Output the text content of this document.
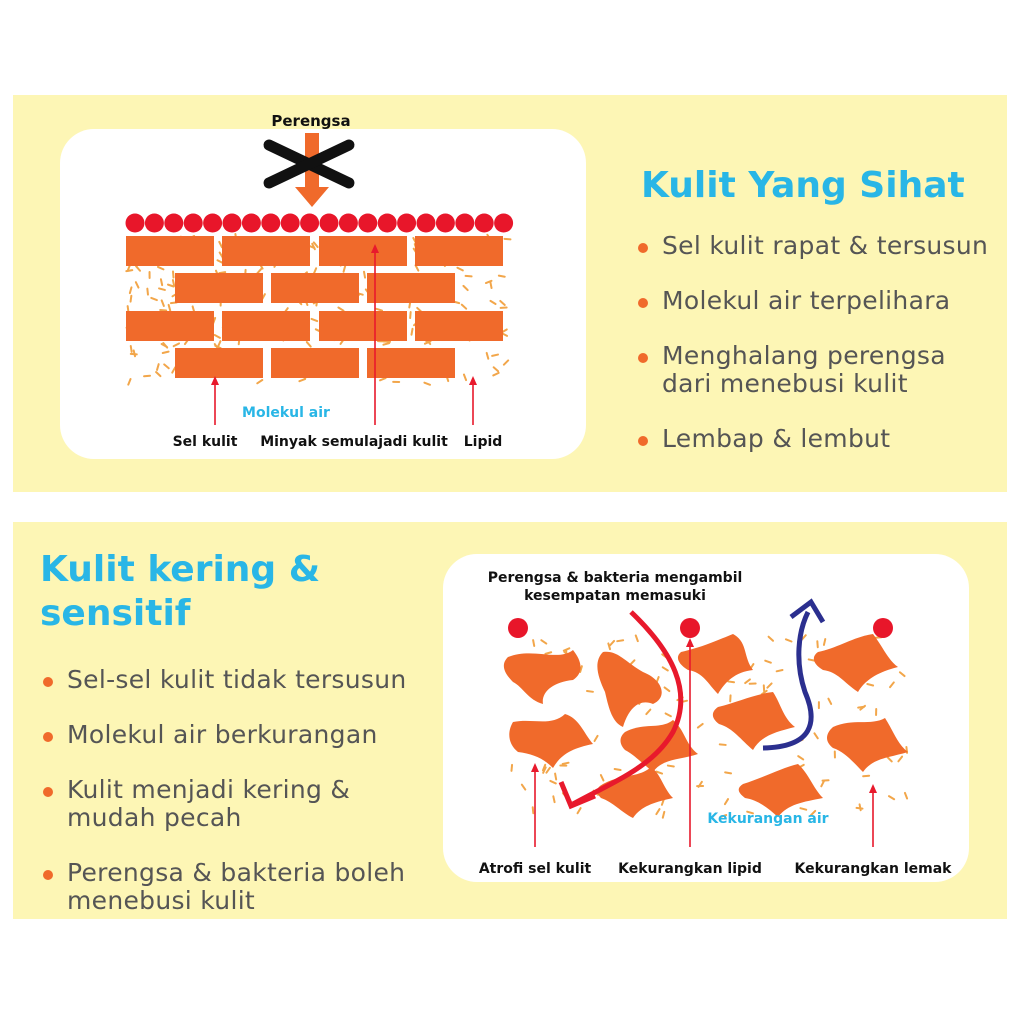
Perengsa
Molekul air
Sel kulit Minyak semulajadi kulit Lipid
Kulit Yang Sihat
Sel kulit rapat & tersusun
Molekul air terpelihara
Menghalang perengsa
dari menebusi kulit
Lembap & lembut
Kulit kering &
sensitif
Sel-sel kulit tidak tersusun
Molekul air berkurangan
Kulit menjadi kering &
mudah pecah
Perengsa & bakteria boleh
menebusi kulit
Perengsa & bakteria mengambil
kesempatan memasuki
Kekurangan air
Atrofi sel kulit Kekurangkan lipid Kekurangkan lemak
